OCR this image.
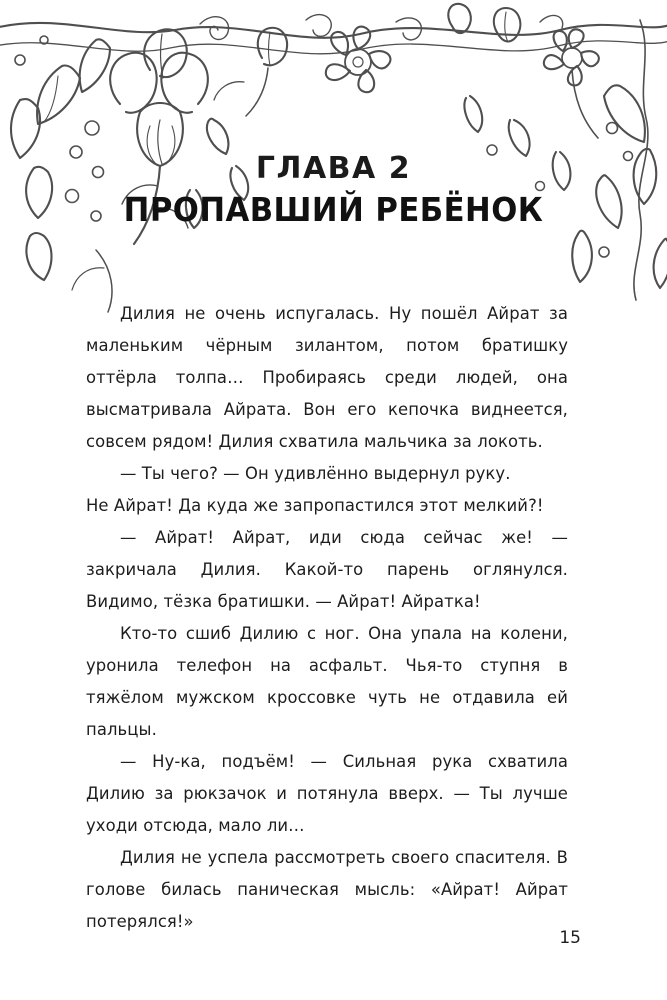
ГЛАВА 2
ПРОПАВШИЙ РЕБЁНОК

Дилия не очень испугалась. Ну пошёл Айрат за маленьким чёрным зилантом, потом братишку оттёрла толпа… Пробираясь среди людей, она высматривала Айрата. Вон его кепочка виднеется, совсем рядом! Дилия схватила мальчика за локоть.

— Ты чего? — Он удивлённо выдернул руку.

Не Айрат! Да куда же запропастился этот мелкий?!

— Айрат! Айрат, иди сюда сейчас же! — закричала Дилия. Какой-то парень оглянулся. Видимо, тёзка братишки. — Айрат! Айратка!

Кто-то сшиб Дилию с ног. Она упала на колени, уронила телефон на асфальт. Чья-то ступня в тяжёлом мужском кроссовке чуть не отдавила ей пальцы.

— Ну-ка, подъём! — Сильная рука схватила Дилию за рюкзачок и потянула вверх. — Ты лучше уходи отсюда, мало ли…

Дилия не успела рассмотреть своего спасителя. В голове билась паническая мысль: «Айрат! Айрат потерялся!»

15
